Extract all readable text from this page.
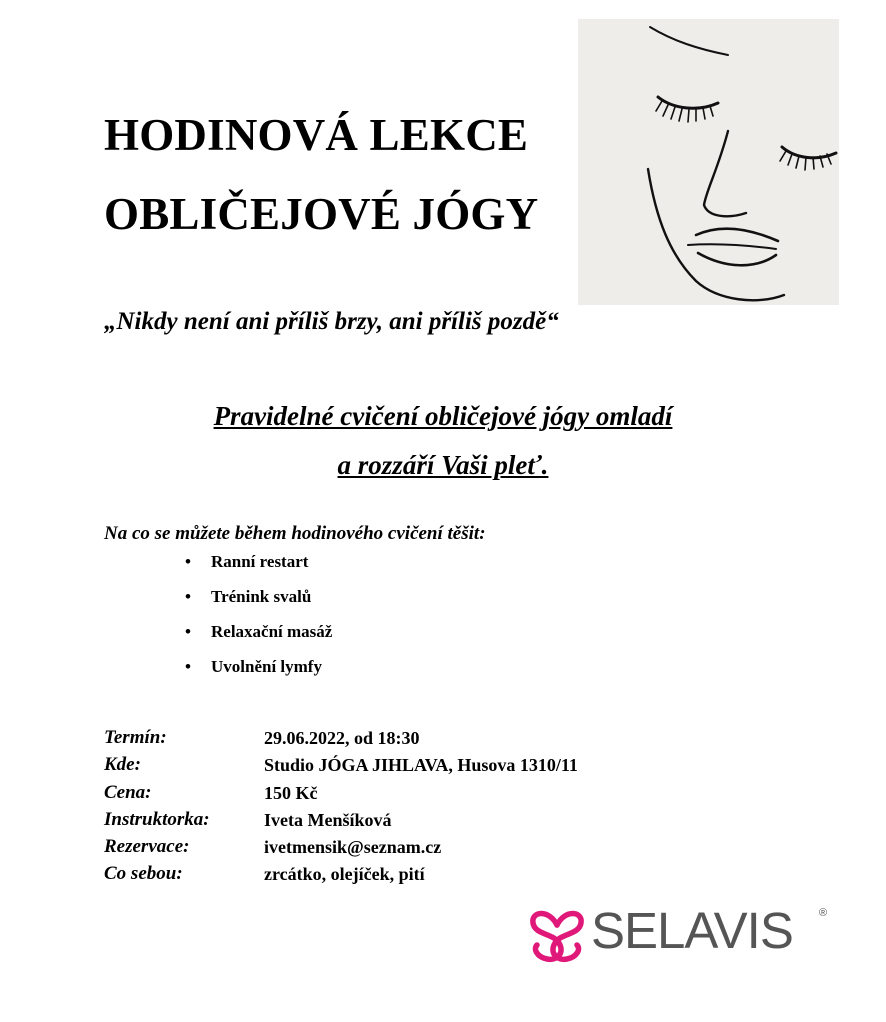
HODINOVÁ LEKCE
OBLIČEJOVÉ JÓGY

„Nikdy není ani příliš brzy, ani příliš pozdě“

Pravidelné cvičení obličejové jógy omladí

a rozzáří Vaši pleť.

Na co se můžete během hodinového cvičení těšit:

• Ranní restart
• Trénink svalů
• Relaxační masáž
• Uvolnění lymfy
Termín:	29.06.2022, od 18:30
Kde:	Studio JÓGA JIHLAVA, Husova 1310/11
Cena:	150 Kč
Instruktorka:	Iveta Menšíková
Rezervace:	ivetmensik@seznam.cz
Co sebou:	zrcátko, olejíček, pití
SELAVIS ®
